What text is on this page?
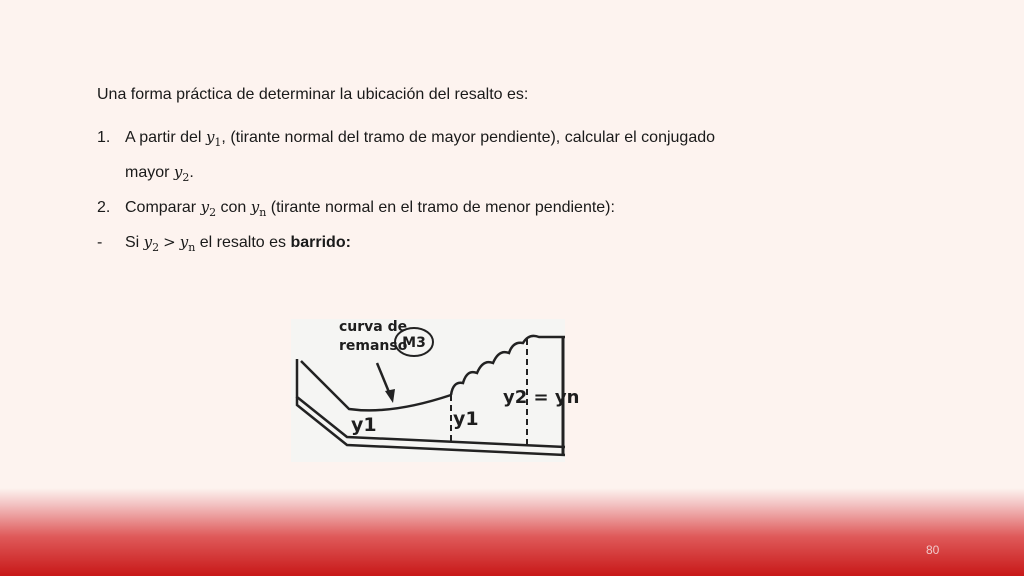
Una forma práctica de determinar la ubicación del resalto es:
1. A partir del $y_1$, (tirante normal del tramo de mayor pendiente), calcular el conjugado
mayor $y_2$.
2. Comparar $y_2$ con $y_n$ (tirante normal en el tramo de menor pendiente):
- Si $y_2 > y_n$ el resalto es barrido:
curva de
remanso
M3
y1	y1
y2 = yn
80
